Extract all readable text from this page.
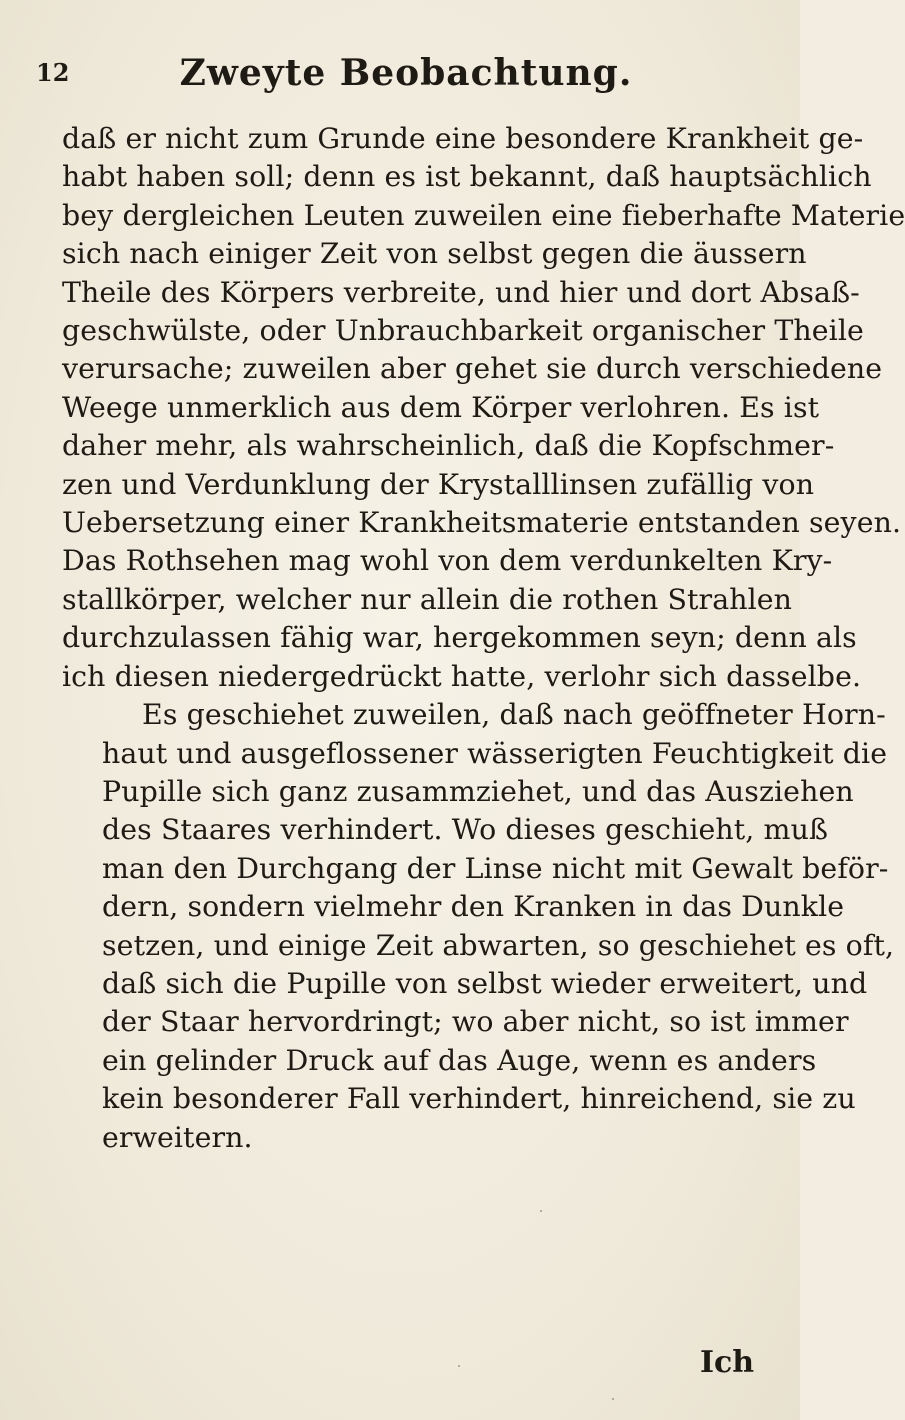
12	Zweyte Beobachtung.

daß er nicht zum Grunde eine besondere Krankheit ge-
habt haben soll; denn es ist bekannt, daß hauptsächlich
bey dergleichen Leuten zuweilen eine fieberhafte Materie
sich nach einiger Zeit von selbst gegen die äussern
Theile des Körpers verbreite, und hier und dort Absaß-
geschwülste, oder Unbrauchbarkeit organischer Theile
verursache; zuweilen aber gehet sie durch verschiedene
Weege unmerklich aus dem Körper verlohren. Es ist
daher mehr, als wahrscheinlich, daß die Kopfschmer-
zen und Verdunklung der Krystalllinsen zufällig von
Uebersetzung einer Krankheitsmaterie entstanden seyen.
Das Rothsehen mag wohl von dem verdunkelten Kry-
stallkörper, welcher nur allein die rothen Strahlen
durchzulassen fähig war, hergekommen seyn; denn als
ich diesen niedergedrückt hatte, verlohr sich dasselbe.

Es geschiehet zuweilen, daß nach geöffneter Horn-
haut und ausgeflossener wässerigten Feuchtigkeit die
Pupille sich ganz zusammziehet, und das Ausziehen
des Staares verhindert. Wo dieses geschieht, muß
man den Durchgang der Linse nicht mit Gewalt beför-
dern, sondern vielmehr den Kranken in das Dunkle
setzen, und einige Zeit abwarten, so geschiehet es oft,
daß sich die Pupille von selbst wieder erweitert, und
der Staar hervordringt; wo aber nicht, so ist immer
ein gelinder Druck auf das Auge, wenn es anders
kein besonderer Fall verhindert, hinreichend, sie zu
erweitern.

Ich
